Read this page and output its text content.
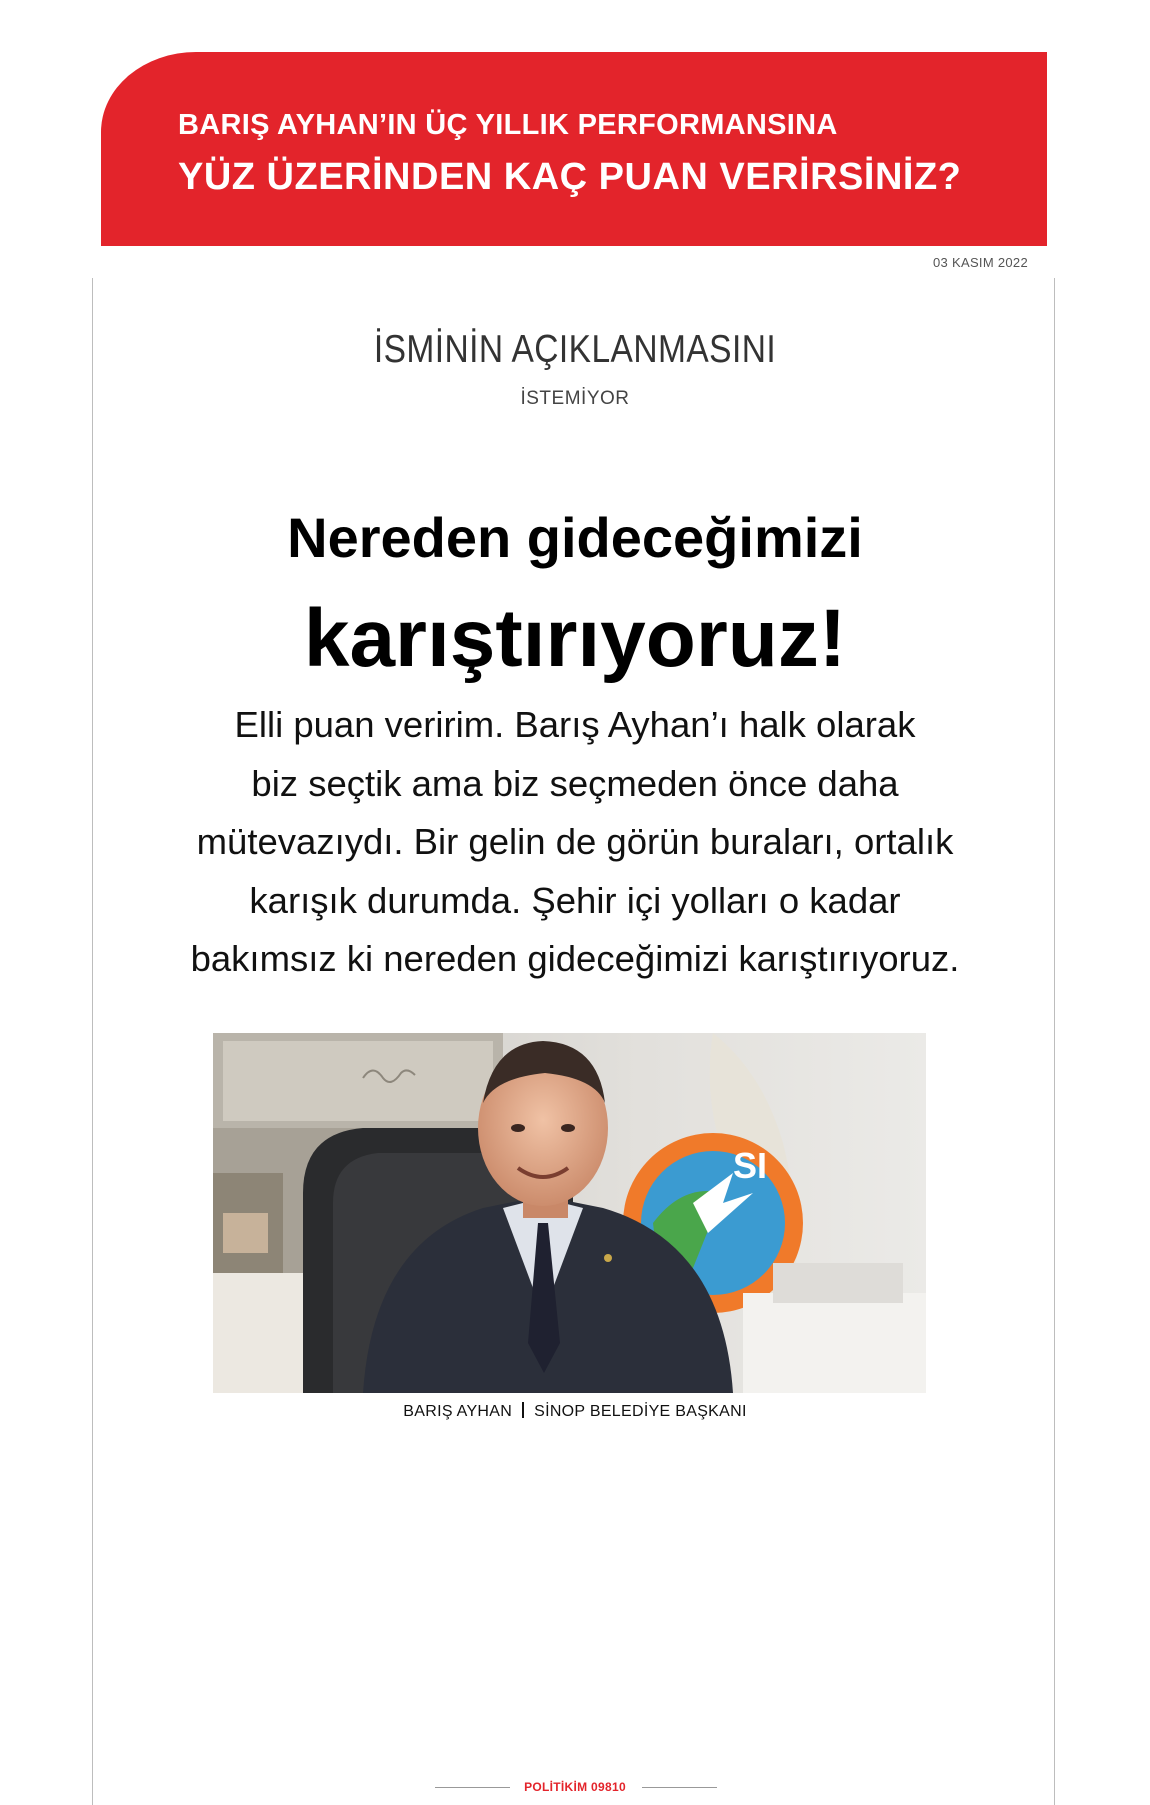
BARIŞ AYHAN’IN ÜÇ YILLIK PERFORMANSINA

YÜZ ÜZERİNDEN KAÇ PUAN VERİRSİNİZ?

03 KASIM 2022
İSMİNİN AÇIKLANMASINI
İSTEMİYOR
Nereden gideceğimizi
karıştırıyoruz!

Elli puan veririm. Barış Ayhan’ı halk olarak
biz seçtik ama biz seçmeden önce daha
mütevazıydı. Bir gelin de görün buraları, ortalık
karışık durumda. Şehir içi yolları o kadar
bakımsız ki nereden gideceğimizi karıştırıyoruz.

SI
BARIŞ AYHAN SİNOP BELEDİYE BAŞKANI
POLİTİKİM 09810
